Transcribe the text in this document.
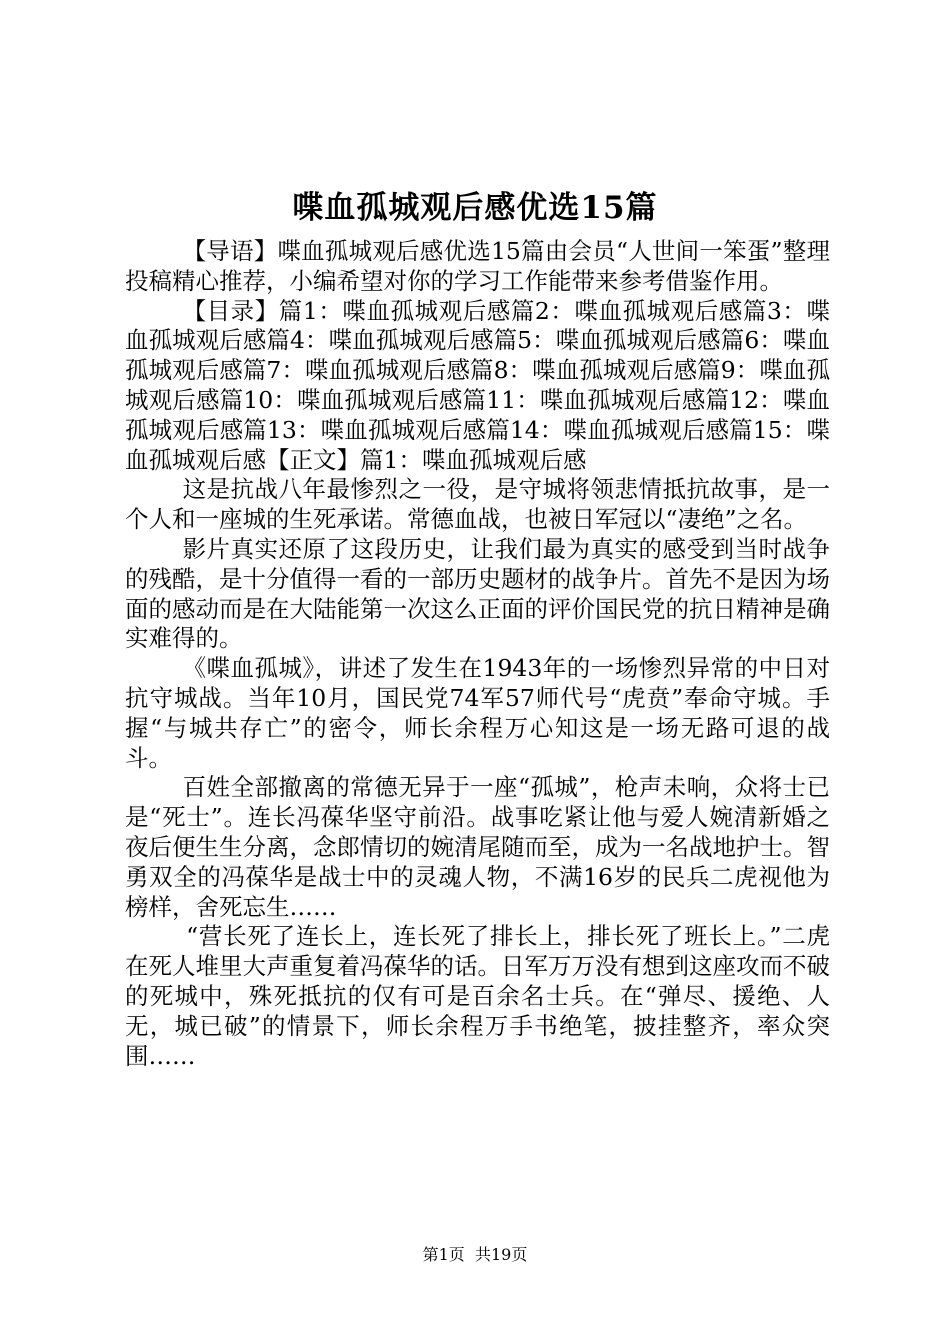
喋血孤城观后感优选15篇

【导语】喋血孤城观后感优选15篇由会员“人世间一笨蛋”整理投稿精心推荐，小编希望对你的学习工作能带来参考借鉴作用。

【目录】篇1：喋血孤城观后感篇2：喋血孤城观后感篇3：喋血孤城观后感篇4：喋血孤城观后感篇5：喋血孤城观后感篇6：喋血孤城观后感篇7：喋血孤城观后感篇8：喋血孤城观后感篇9：喋血孤城观后感篇10：喋血孤城观后感篇11：喋血孤城观后感篇12：喋血孤城观后感篇13：喋血孤城观后感篇14：喋血孤城观后感篇15：喋血孤城观后感【正文】篇1：喋血孤城观后感

这是抗战八年最惨烈之一役，是守城将领悲情抵抗故事，是一个人和一座城的生死承诺。常德血战，也被日军冠以“凄绝”之名。

影片真实还原了这段历史，让我们最为真实的感受到当时战争的残酷，是十分值得一看的一部历史题材的战争片。首先不是因为场面的感动而是在大陆能第一次这么正面的评价国民党的抗日精神是确实难得的。

《喋血孤城》，讲述了发生在1943年的一场惨烈异常的中日对抗守城战。当年10月，国民党74军57师代号“虎贲”奉命守城。手握“与城共存亡”的密令，师长余程万心知这是一场无路可退的战斗。

百姓全部撤离的常德无异于一座“孤城”，枪声未响，众将士已是“死士”。连长冯葆华坚守前沿。战事吃紧让他与爱人婉清新婚之夜后便生生分离，念郎情切的婉清尾随而至，成为一名战地护士。智勇双全的冯葆华是战士中的灵魂人物，不满16岁的民兵二虎视他为榜样，舍死忘生……

“营长死了连长上，连长死了排长上，排长死了班长上。”二虎在死人堆里大声重复着冯葆华的话。日军万万没有想到这座攻而不破的死城中，殊死抵抗的仅有可是百余名士兵。在“弹尽、援绝、人无，城已破”的情景下，师长余程万手书绝笔，披挂整齐，率众突围……

第1页 共19页
